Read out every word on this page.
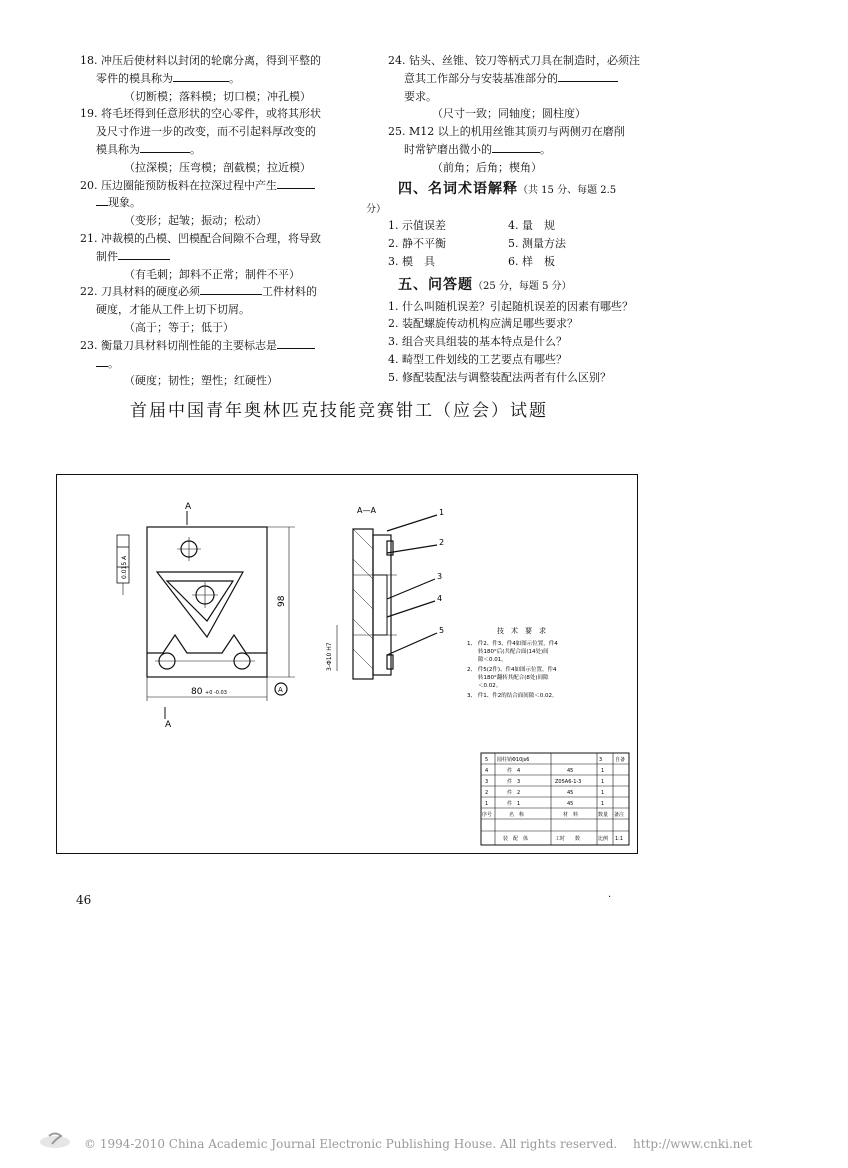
18. 冲压后使材料以封闭的轮廓分离，得到平整的
零件的模具称为	。
（切断模；落料模；切口模；冲孔模）

19. 将毛坯得到任意形状的空心零件，或将其形状
及尺寸作进一步的改变，而不引起料厚改变的
模具称为	。
（拉深模；压弯模；剖截模；拉近模）

20. 压边圈能预防板料在拉深过程中产生
现象。
（变形；起皱；振动；松动）

21. 冲裁模的凸模、凹模配合间隙不合理，将导致
制件
（有毛刺；卸料不正常；制件不平）

22. 刀具材料的硬度必须	工件材料的
硬度，才能从工件上切下切屑。
（高于；等于；低于）

23. 衡量刀具材料切削性能的主要标志是
。
（硬度；韧性；塑性；红硬性）

24. 钻头、丝锥、铰刀等柄式刀具在制造时，必须注
意其工作部分与安装基准部分的
要求。
（尺寸一致；同轴度；圆柱度）

25. M12 以上的机用丝锥其顶刃与两侧刃在磨削
时常铲磨出微小的	。
（前角；后角；楔角）

四、名词术语解释（共 15 分、每题 2.5
分）
1. 示值误差	4. 量　规
2. 静不平衡	5. 测量方法
3. 模　具	6. 样　板
五、问答题（25 分，每题 5 分）
1. 什么叫随机误差？引起随机误差的因素有哪些？
2. 装配螺旋传动机构应满足哪些要求？
3. 组合夹具组装的基本特点是什么？
4. 畸型工件划线的工艺要点有哪些？
5. 修配装配法与调整装配法两者有什么区别？
首届中国青年奥林匹克技能竞赛钳工（应会）试题
A
A
80 +0 -0.03
98
3-Φ10 H7
0.015 A
A
A—A	1
2
3
4
5	技　术　要　求
1、 件2、件3、件4如图示位置，件4
　　转180°后(共配合面(14处)间
　　隙＜0.01。
2、 件5(2件)、件4如图示位置，件4
　　转180°翻转其配合(8处)间隙
　　＜0.02。
3、 件1、件2的结合面间隙＜0.02。
5 圆柱销Φ10js6	3	自备
4	件　4	45	1
3	件　3	Z05A6-1-3	1
2	件　2	45	1
1	件　1	45	1
序号	名　称	材　料	数量 备注
装　配　体	工时 数	比例 1:1
46	·
© 1994-2010 China Academic Journal Electronic Publishing House. All rights reserved.　 http://www.cnki.net
